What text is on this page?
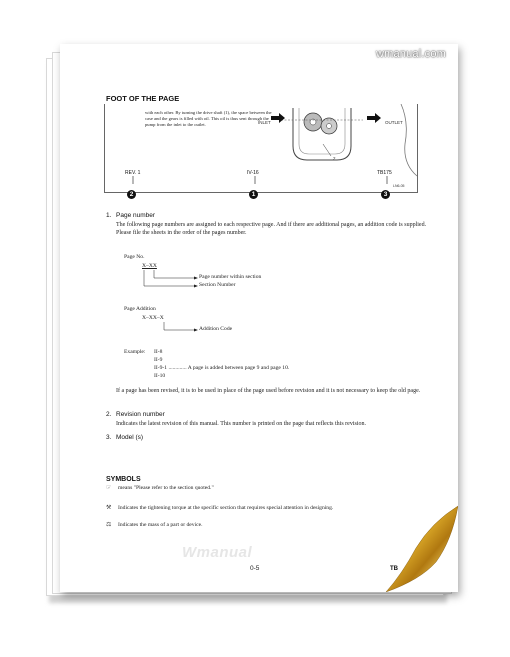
wmanual.com
FOOT OF THE PAGE
with each other. By turning the drive shaft (1), the space between the case and the gears is filled with oil. This oil is thus sent through the pump from the inlet to the outlet.	INLET	OUTLET
2
LN6-05
REV. 1	IV-16	TB175
2	1	3
1. Page number
The following page numbers are assigned to each respective page. And if there are additional pages, an addition code is supplied. Please file the sheets in the order of the pages number.
Page No.
X–XX
Page number within section
Section Number
Page Addition
X–XX–X
Addition Code
Example: II-8
II-9
II-9-1 ............. A page is added between page 9 and page 10.
II-10
If a page has been revised, it is to be used in place of the page used before revision and it is not necessary to keep the old page.
2. Revision number
Indicates the latest revision of this manual. This number is printed on the page that reflects this revision.
3. Model (s)
SYMBOLS
☞ means "Please refer to the section quoted."
⚒ Indicates the tightening torque at the specific section that requires special attention in designing.
⚖ Indicates the mass of a part or device.
Wmanual
0-5	TB
